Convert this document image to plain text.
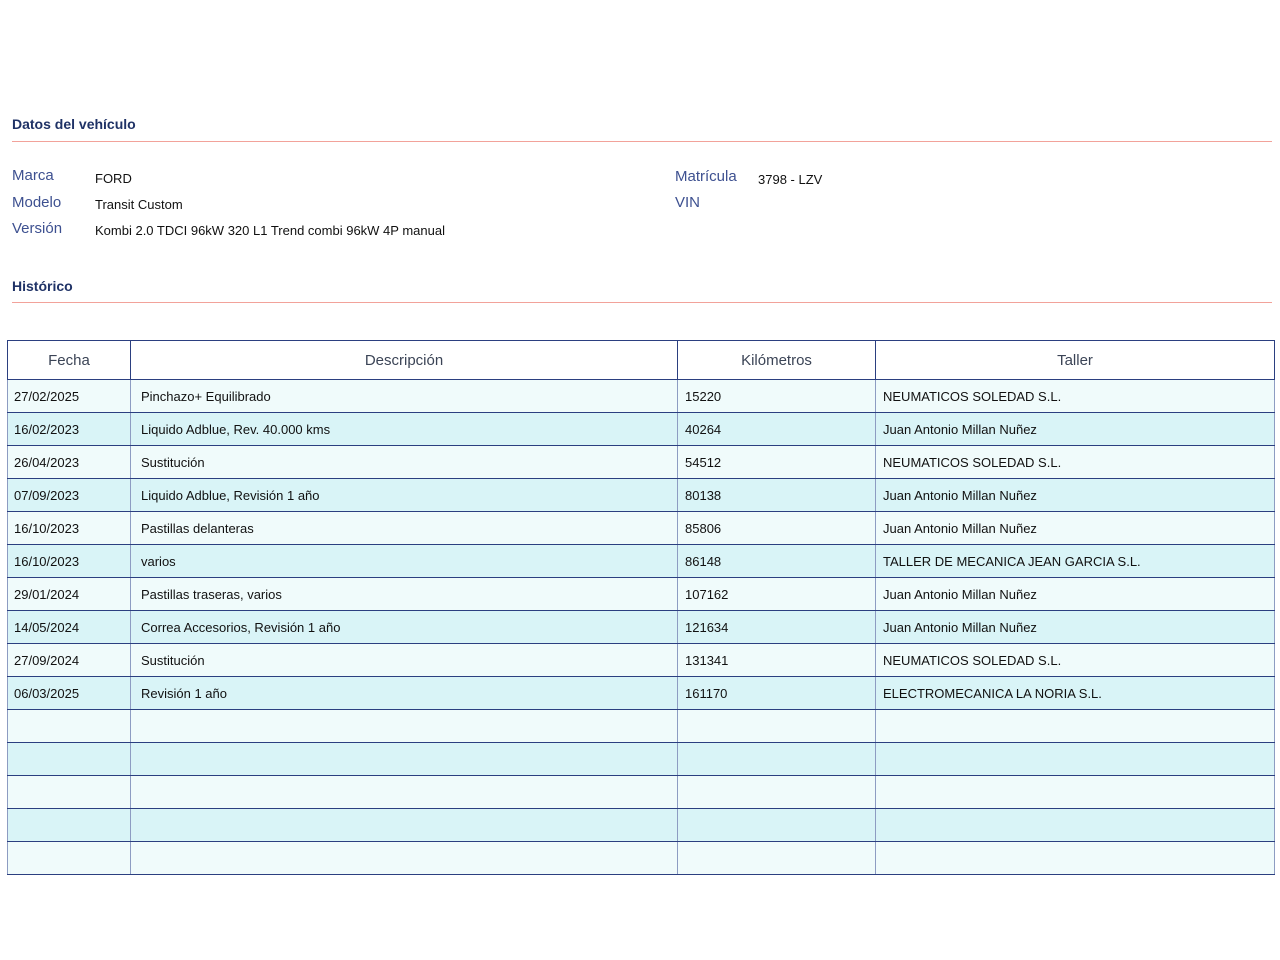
Datos del vehículo
Marca	FORD
Modelo	Transit Custom
Versión	Kombi 2.0 TDCI 96kW 320 L1 Trend combi 96kW 4P manual
Matrícula 3798 - LZV
VIN
Histórico
Fecha	Descripción	Kilómetros	Taller
27/02/2025	Pinchazo+ Equilibrado	15220	NEUMATICOS SOLEDAD S.L.
16/02/2023	Liquido Adblue, Rev. 40.000 kms	40264	Juan Antonio Millan Nuñez
26/04/2023	Sustitución	54512	NEUMATICOS SOLEDAD S.L.
07/09/2023	Liquido Adblue, Revisión 1 año	80138	Juan Antonio Millan Nuñez
16/10/2023	Pastillas delanteras	85806	Juan Antonio Millan Nuñez
16/10/2023	varios	86148	TALLER DE MECANICA JEAN GARCIA S.L.
29/01/2024	Pastillas traseras, varios	107162	Juan Antonio Millan Nuñez
14/05/2024	Correa Accesorios, Revisión 1 año	121634	Juan Antonio Millan Nuñez
27/09/2024	Sustitución	131341	NEUMATICOS SOLEDAD S.L.
06/03/2025	Revisión 1 año	161170	ELECTROMECANICA LA NORIA S.L.
